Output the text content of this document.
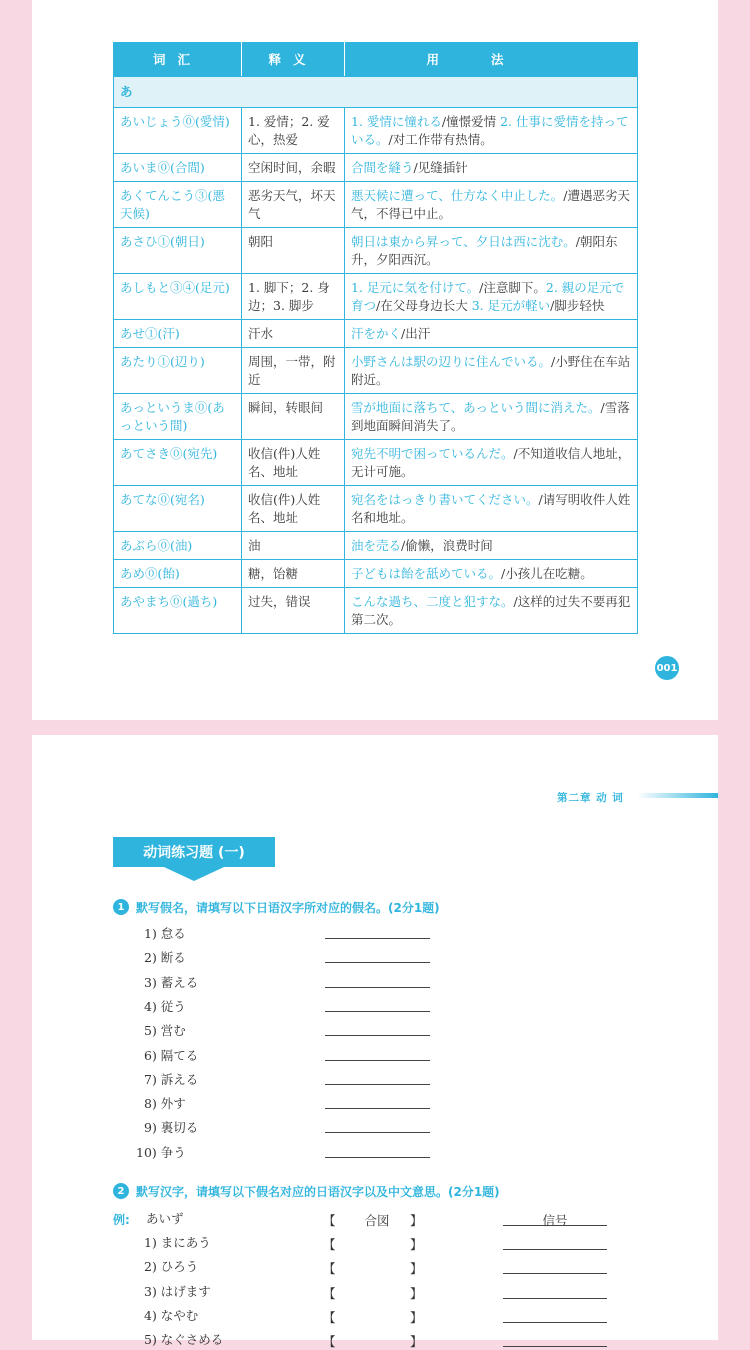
词汇	释义	用法
あ		
あいじょう⓪(愛情)	1. 爱情；2. 爱心，热爱	1. 愛情に憧れる/憧憬爱情 2. 仕事に愛情を持っている。/对工作带有热情。
あいま⓪(合間)	空闲时间，余暇	合間を縫う/见缝插针
あくてんこう③(悪天候)	恶劣天气，坏天气	悪天候に遭って、仕方なく中止した。/遭遇恶劣天气，不得已中止。
あさひ①(朝日)	朝阳	朝日は東から昇って、夕日は西に沈む。/朝阳东升，夕阳西沉。
あしもと③④(足元)	1. 脚下；2. 身边；3. 脚步	1. 足元に気を付けて。/注意脚下。2. 親の足元で育つ/在父母身边长大 3. 足元が軽い/脚步轻快
あせ①(汗)	汗水	汗をかく/出汗
あたり①(辺り)	周围，一带，附近	小野さんは駅の辺りに住んでいる。/小野住在车站附近。
あっというま⓪(あっという間)	瞬间，转眼间	雪が地面に落ちて、あっという間に消えた。/雪落到地面瞬间消失了。
あてさき⓪(宛先)	收信(件)人姓名、地址	宛先不明で困っているんだ。/不知道收信人地址，无计可施。
あてな⓪(宛名)	收信(件)人姓名、地址	宛名をはっきり書いてください。/请写明收件人姓名和地址。
あぶら⓪(油)	油	油を売る/偷懒，浪费时间
あめ⓪(飴)	糖，饴糖	子どもは飴を舐めている。/小孩儿在吃糖。
あやまち⓪(過ち)	过失，错误	こんな過ち、二度と犯すな。/这样的过失不要再犯第二次。
001
第二章 动 词
动词练习题 (一)
1 默写假名，请填写以下日语汉字所对应的假名。(2分1题)
1) 怠る
2) 断る
3) 蓄える
4) 従う
5) 営む
6) 隔てる
7) 訴える
8) 外す
9) 裏切る
10) 争う
2 默写汉字，请填写以下假名对应的日语汉字以及中文意思。(2分1题)
例: あいず	【	合図	】	信号
1) まにあう	【	】
2) ひろう	【	】
3) はげます	【	】
4) なやむ	【	】
5) なぐさめる	【	】
